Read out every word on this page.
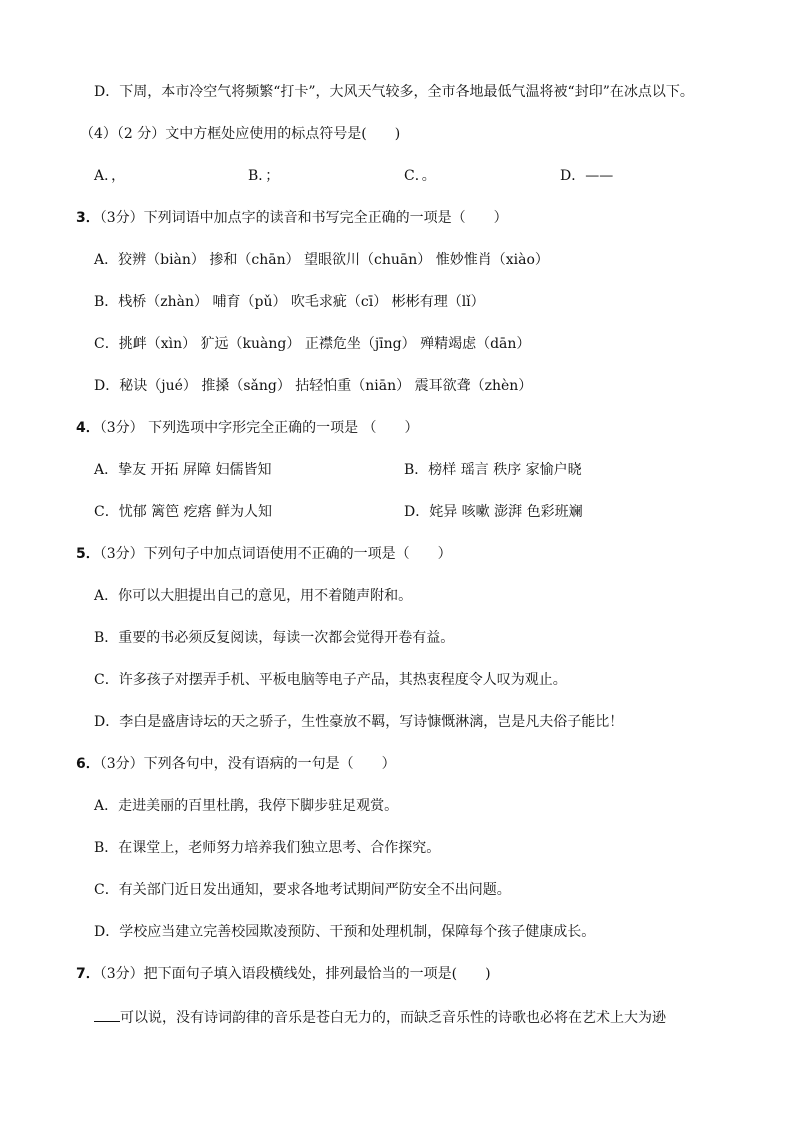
D．下周，本市冷空气将频繁“打卡”，大风天气较多，全市各地最低气温将被“封印”在冰点以下。
（4）（2 分）文中方框处应使用的标点符号是(　　)
A．，	B．；	C．。	D．——
3．（3分）下列词语中加点字的读音和书写完全正确的一项是（　　）
A．狡辨（biàn） 掺和（chān） 望眼欲川（chuān） 惟妙惟肖（xiào）
B．栈桥（zhàn） 哺育（pǔ） 吹毛求疵（cī） 彬彬有理（lǐ）
C．挑衅（xìn） 犷远（kuàng） 正襟危坐（jīng） 殚精竭虑（dān）
D．秘诀（jué） 推搡（sǎng） 拈轻怕重（niān） 震耳欲聋（zhèn）
4．（3分） 下列选项中字形完全正确的一项是 （　　）
A．挚友 开拓 屏障 妇儒皆知	B．榜样 瑶言 秩序 家愉户晓
C．忧郁 篱笆 疙瘩 鲜为人知	D．姹异 咳嗽 澎湃 色彩班斓
5．（3分）下列句子中加点词语使用不正确的一项是（　　）
A．你可以大胆提出自己的意见，用不着随声附和。
B．重要的书必须反复阅读，每读一次都会觉得开卷有益。
C．许多孩子对摆弄手机、平板电脑等电子产品，其热衷程度令人叹为观止。
D．李白是盛唐诗坛的天之骄子，生性豪放不羁，写诗慷慨淋漓，岂是凡夫俗子能比！
6．（3分）下列各句中，没有语病的一句是（　　）
A．走进美丽的百里杜鹃，我停下脚步驻足观赏。
B．在课堂上，老师努力培养我们独立思考、合作探究。
C．有关部门近日发出通知，要求各地考试期间严防安全不出问题。
D．学校应当建立完善校园欺凌预防、干预和处理机制，保障每个孩子健康成长。
7．（3分）把下面句子填入语段横线处，排列最恰当的一项是(　　)
可以说，没有诗词韵律的音乐是苍白无力的，而缺乏音乐性的诗歌也必将在艺术上大为逊
